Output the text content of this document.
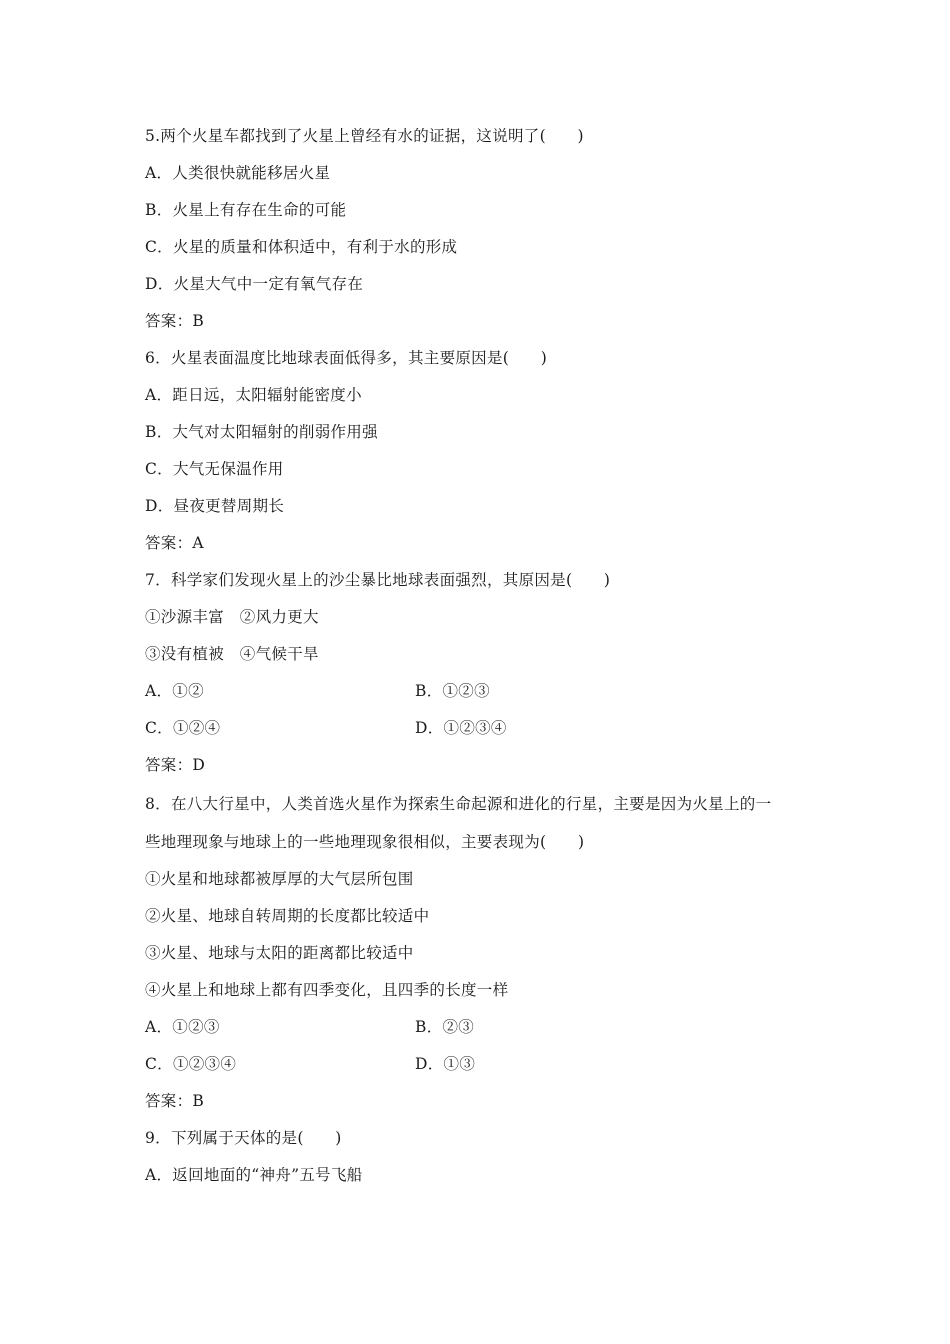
5.两个火星车都找到了火星上曾经有水的证据，这说明了(　　)
A．人类很快就能移居火星
B．火星上有存在生命的可能
C．火星的质量和体积适中，有利于水的形成
D．火星大气中一定有氧气存在
答案：B
6．火星表面温度比地球表面低得多，其主要原因是(　　)
A．距日远，太阳辐射能密度小
B．大气对太阳辐射的削弱作用强
C．大气无保温作用
D．昼夜更替周期长
答案：A
7．科学家们发现火星上的沙尘暴比地球表面强烈，其原因是(　　)
①沙源丰富　②风力更大
③没有植被　④气候干旱
A．①②	B．①②③
C．①②④	D．①②③④
答案：D
8．在八大行星中，人类首选火星作为探索生命起源和进化的行星，主要是因为火星上的一
些地理现象与地球上的一些地理现象很相似，主要表现为(　　)
①火星和地球都被厚厚的大气层所包围
②火星、地球自转周期的长度都比较适中
③火星、地球与太阳的距离都比较适中
④火星上和地球上都有四季变化，且四季的长度一样
A．①②③	B．②③
C．①②③④	D．①③
答案：B
9．下列属于天体的是(　　)
A．返回地面的“神舟”五号飞船
